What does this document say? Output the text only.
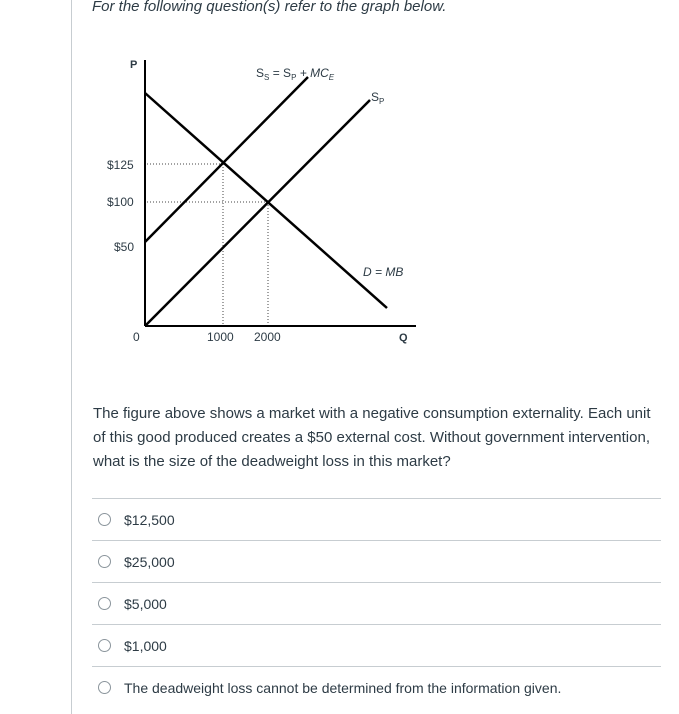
For the following question(s) refer to the graph below.
P
Q
0
$125
$100
$50
1000 2000
$S_S = S_P + MC_E$
$S_P$
D = MB
The figure above shows a market with a negative consumption externality. Each unit of this good produced creates a $50 external cost. Without government intervention, what is the size of the deadweight loss in this market?
$12,500
$25,000
$5,000
$1,000
The deadweight loss cannot be determined from the information given.
